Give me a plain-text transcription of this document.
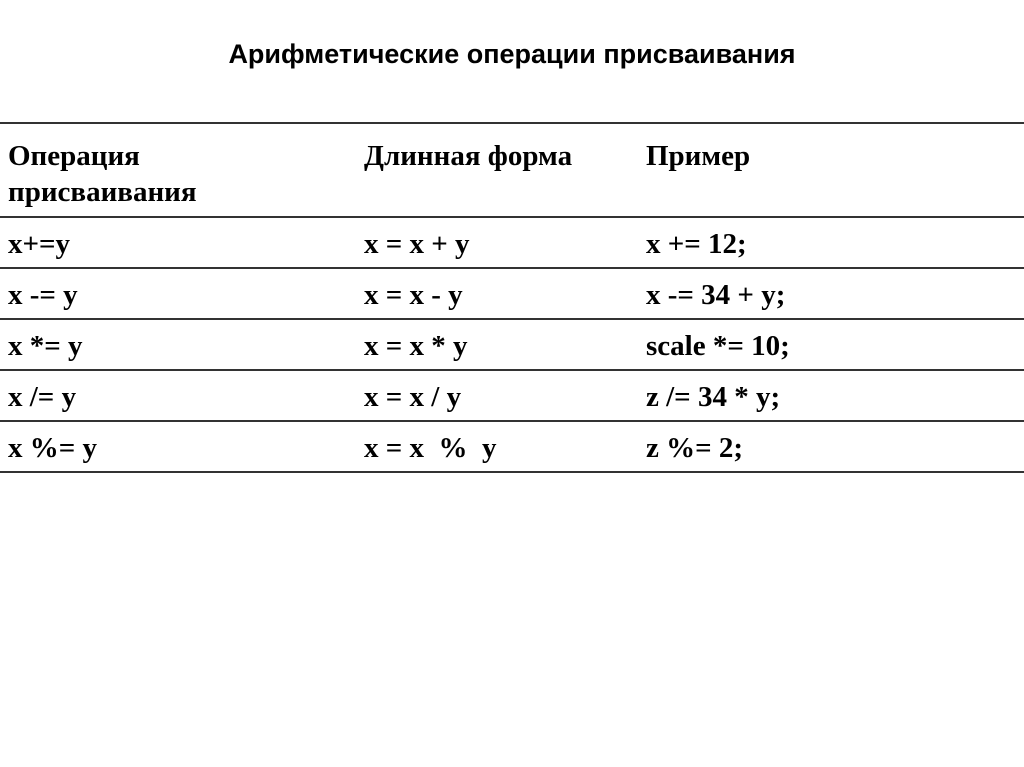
Арифметические операции присваивания
Операция
присваивания	Длинная форма	Пример
x+=y	x = x + y	x += 12;
x -= y	x = x - y	x -= 34 + y;
x *= y	x = x * y	scale *= 10;
x /= y	x = x / y	z /= 34 * y;
x %= y	x = x  %  y	z %= 2;
